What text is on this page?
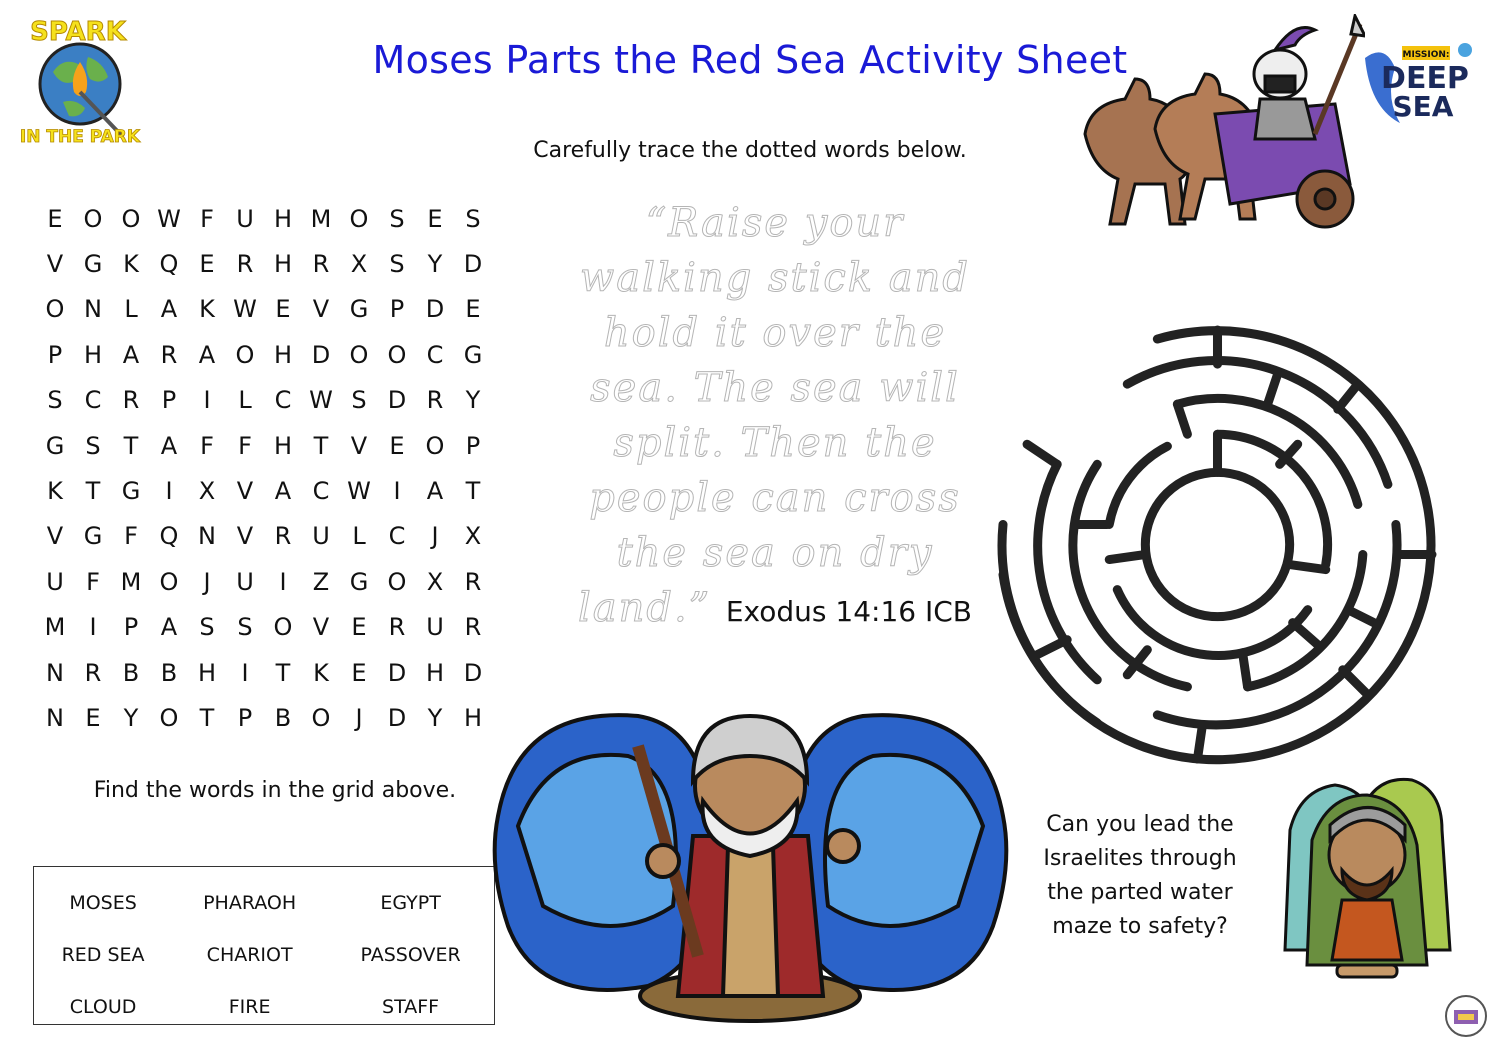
Moses Parts the Red Sea Activity Sheet
SPARK
IN THE PARK
MISSION:
DEEP
SEA
Carefully trace the dotted words below.
“Raise your
walking stick and
hold it over the
sea. The sea will
split. Then the
people can cross
the sea on dry
land.” Exodus 14:16 ICB
E	O	O	W	F	U	H	M	O	S	E	S
V	G	K	Q	E	R	H	R	X	S	Y	D
O	N	L	A	K	W	E	V	G	P	D	E
P	H	A	R	A	O	H	D	O	O	C	G
S	C	R	P	I	L	C	W	S	D	R	Y
G	S	T	A	F	F	H	T	V	E	O	P
K	T	G	I	X	V	A	C	W	I	A	T
V	G	F	Q	N	V	R	U	L	C	J	X
U	F	M	O	J	U	I	Z	G	O	X	R
M	I	P	A	S	S	O	V	E	R	U	R
N	R	B	B	H	I	T	K	E	D	H	D
N	E	Y	O	T	P	B	O	J	D	Y	H
Find the words in the grid above.
MOSES	PHARAOH	EGYPT
RED SEA	CHARIOT	PASSOVER
CLOUD	FIRE	STAFF
Can you lead the
Israelites through
the parted water
maze to safety?
